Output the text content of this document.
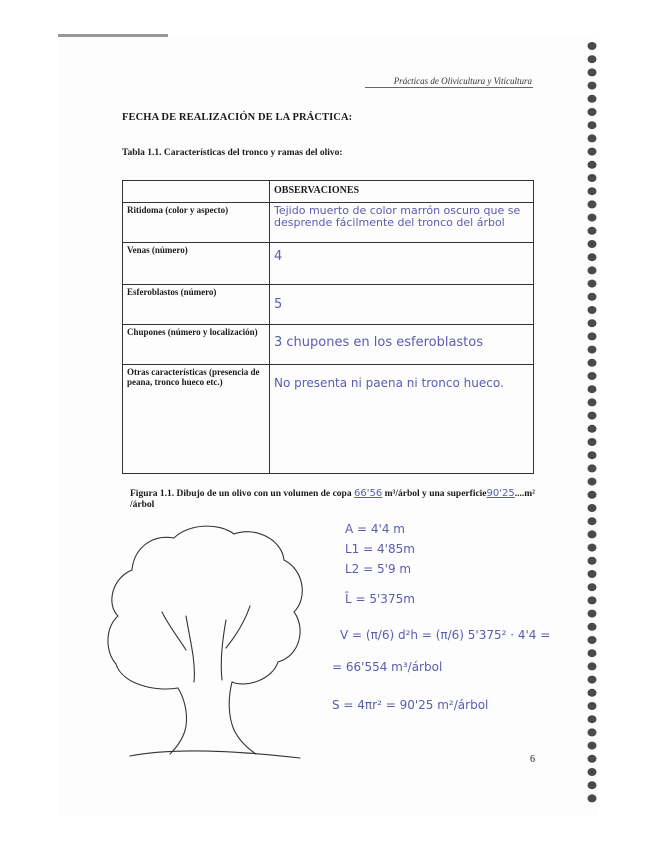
Prácticas de Olivicultura y Viticultura
FECHA DE REALIZACIÓN DE LA PRÁCTICA:
Tabla 1.1. Características del tronco y ramas del olivo:
	OBSERVACIONES
Ritidoma (color y aspecto)	Tejido muerto de color marrón oscuro que se desprende fácilmente del tronco del árbol
Venas (número)	4
Esferoblastos (número)	5
Chupones (número y localización)	3 chupones en los esferoblastos
Otras características (presencia de peana, tronco hueco etc.)	No presenta ni paena ni tronco hueco.
Figura 1.1. Dibujo de un olivo con un volumen de copa 66'56 m³/árbol y una superficie90'25....m² /árbol
A = 4'4 m
L1 = 4'85m
L2 = 5'9 m
L̄ = 5'375m
V = (π/6) d²h = (π/6) 5'375² · 4'4 =
= 66'554 m³/árbol
S = 4πr² = 90'25 m²/árbol
6
